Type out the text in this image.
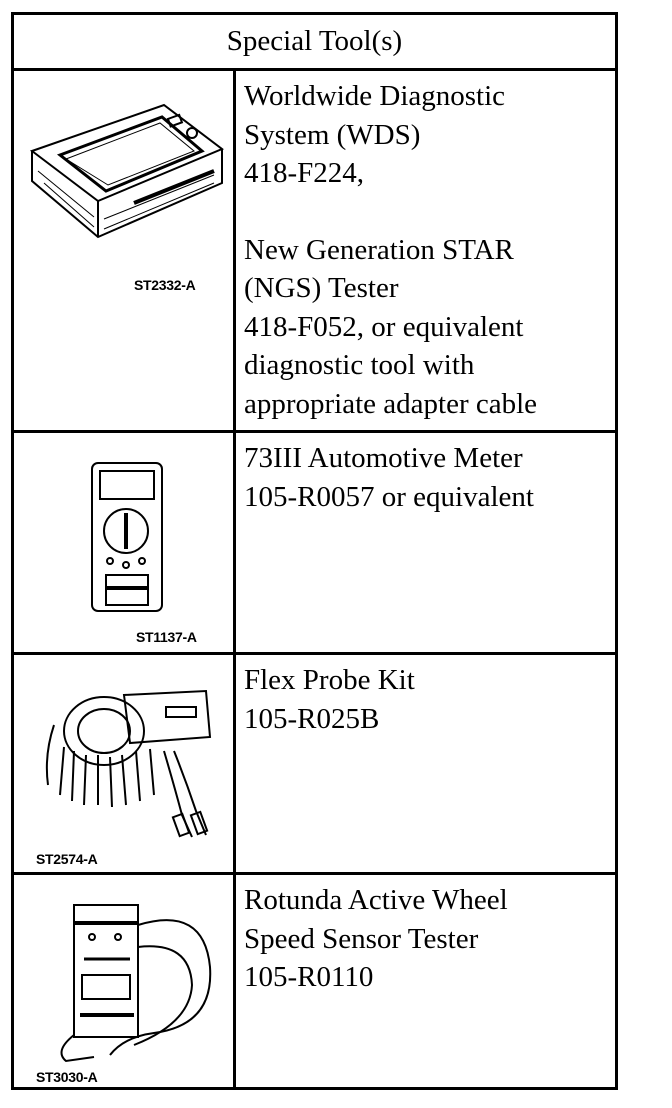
Special Tool(s)
ST2332-A

Worldwide Diagnostic
System (WDS)
418-F224,

New Generation STAR
(NGS) Tester
418-F052, or equivalent
diagnostic tool with
appropriate adapter cable

ST1137-A

73III Automotive Meter
105-R0057 or equivalent

ST2574-A

Flex Probe Kit
105-R025B

ST3030-A

Rotunda Active Wheel
Speed Sensor Tester
105-R0110
